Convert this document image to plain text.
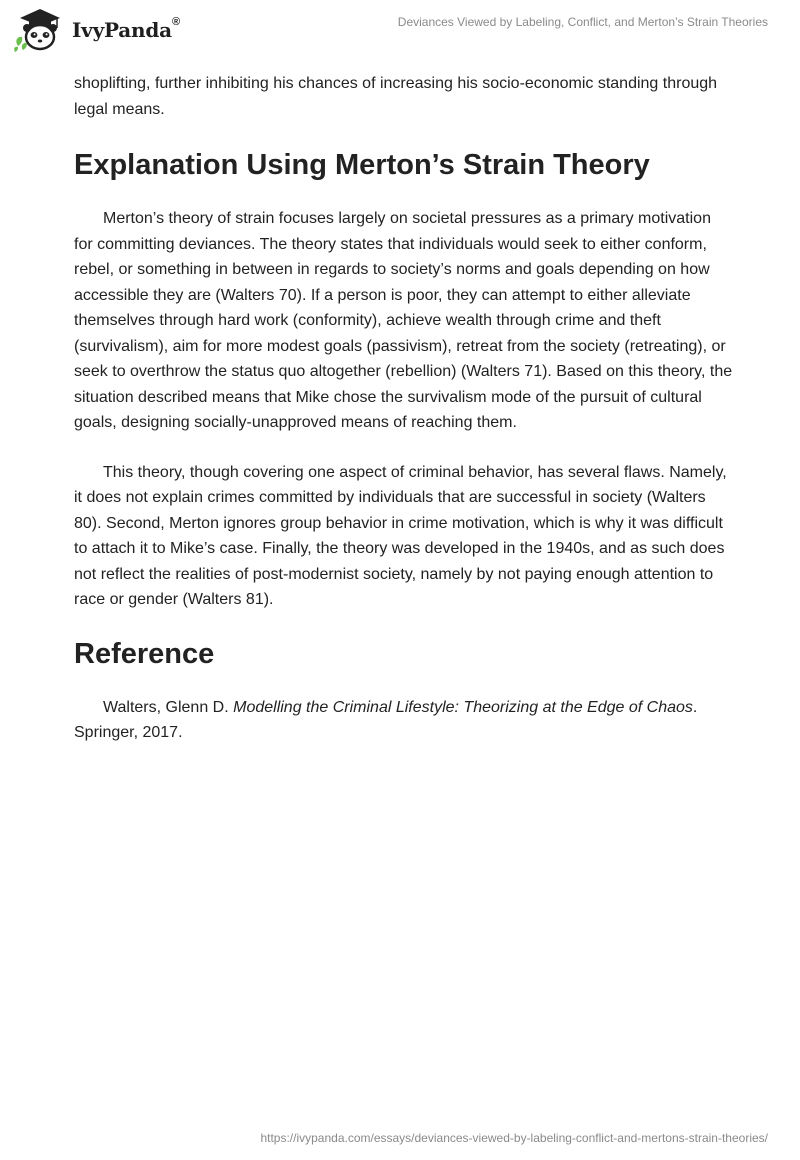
IvyPanda®	Deviances Viewed by Labeling, Conflict, and Merton’s Strain Theories

shoplifting, further inhibiting his chances of increasing his socio-economic standing through legal means.

Explanation Using Merton’s Strain Theory

Merton’s theory of strain focuses largely on societal pressures as a primary motivation for committing deviances. The theory states that individuals would seek to either conform, rebel, or something in between in regards to society’s norms and goals depending on how accessible they are (Walters 70). If a person is poor, they can attempt to either alleviate themselves through hard work (conformity), achieve wealth through crime and theft (survivalism), aim for more modest goals (passivism), retreat from the society (retreating), or seek to overthrow the status quo altogether (rebellion) (Walters 71). Based on this theory, the situation described means that Mike chose the survivalism mode of the pursuit of cultural goals, designing socially-unapproved means of reaching them.

This theory, though covering one aspect of criminal behavior, has several flaws. Namely, it does not explain crimes committed by individuals that are successful in society (Walters 80). Second, Merton ignores group behavior in crime motivation, which is why it was difficult to attach it to Mike’s case. Finally, the theory was developed in the 1940s, and as such does not reflect the realities of post-modernist society, namely by not paying enough attention to race or gender (Walters 81).

Reference

Walters, Glenn D. Modelling the Criminal Lifestyle: Theorizing at the Edge of Chaos. Springer, 2017.

https://ivypanda.com/essays/deviances-viewed-by-labeling-conflict-and-mertons-strain-theories/
